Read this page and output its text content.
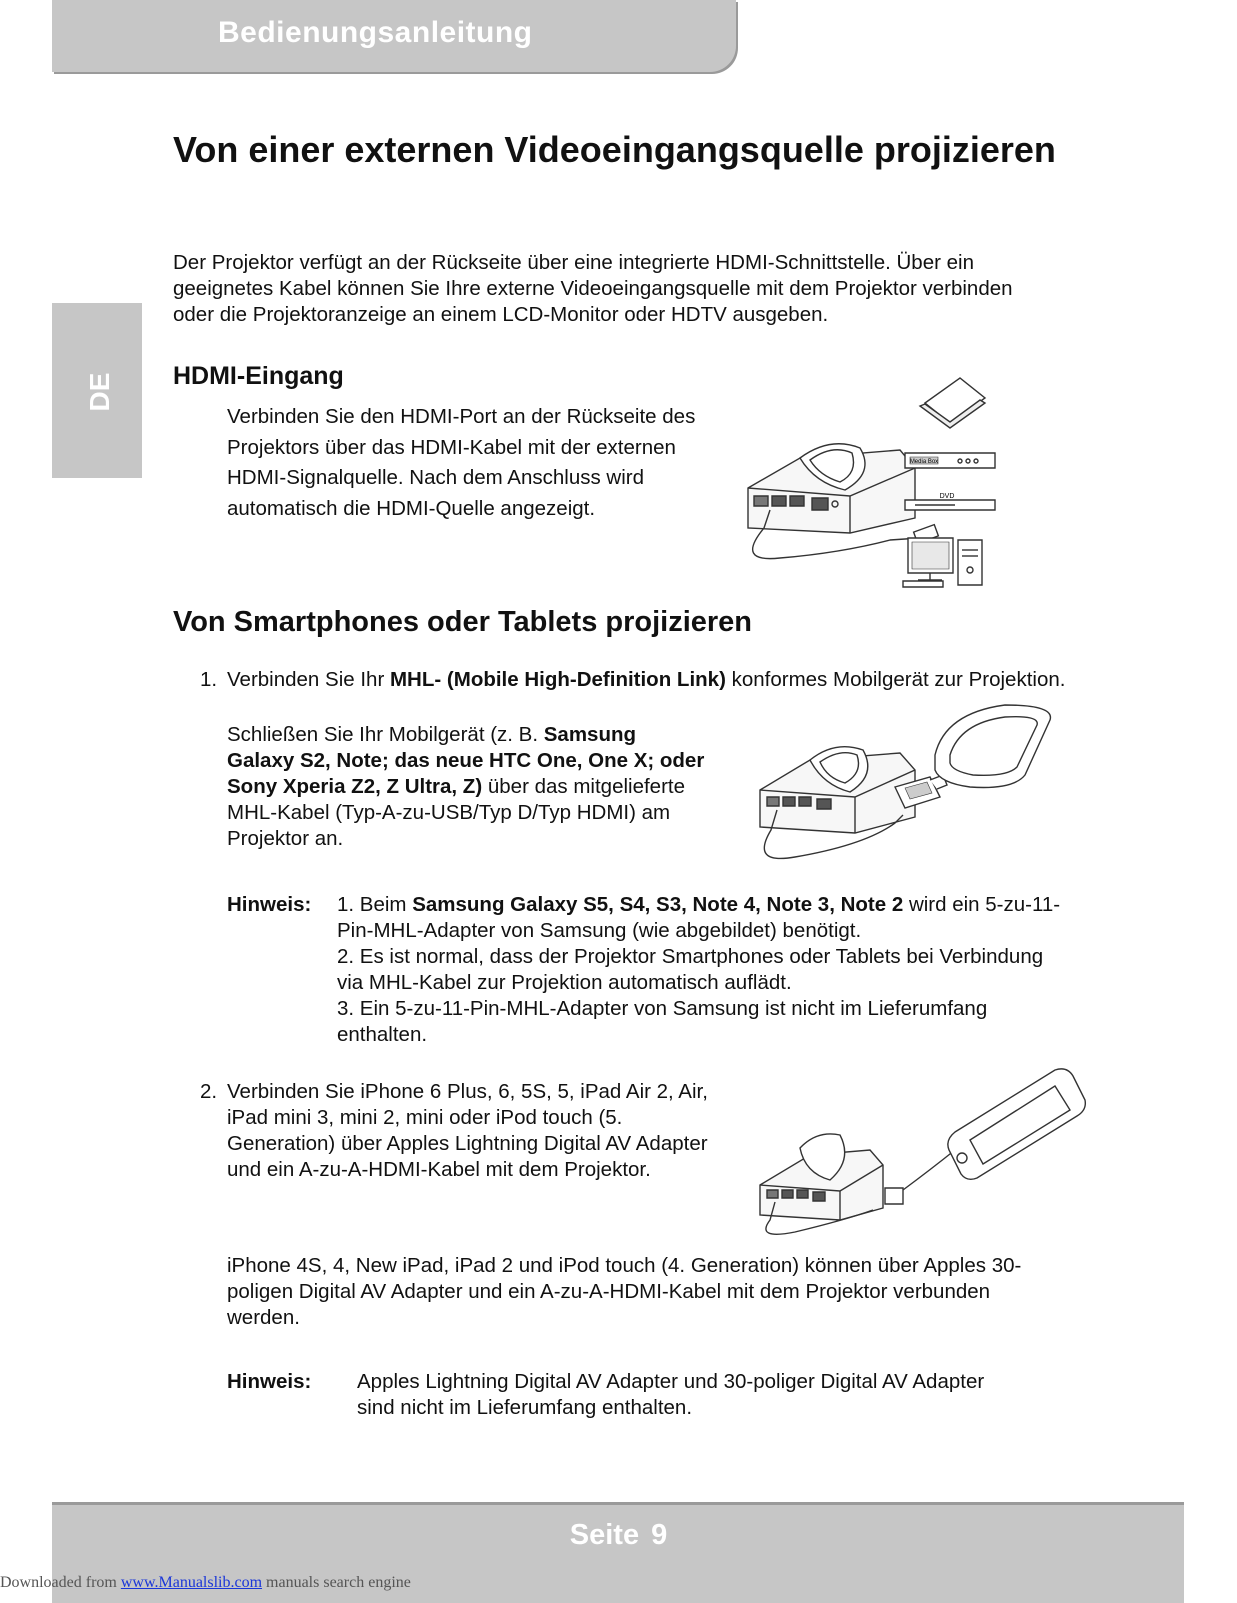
Bedienungsanleitung
DE
Von einer externen Videoeingangsquelle projizieren

Der Projektor verfügt an der Rückseite über eine integrierte HDMI-Schnittstelle. Über ein geeignetes Kabel können Sie Ihre externe Videoeingangsquelle mit dem Projektor verbinden oder die Projektoranzeige an einem LCD-Monitor oder HDTV ausgeben.

HDMI-Eingang

Verbinden Sie den HDMI-Port an der Rückseite des Projektors über das HDMI-Kabel mit der externen HDMI-Signalquelle. Nach dem Anschluss wird automatisch die HDMI-Quelle angezeigt.

Media Box
DVD
Von Smartphones oder Tablets projizieren
1. Verbinden Sie Ihr MHL- (Mobile High-Definition Link) konformes Mobilgerät zur Projektion.

Schließen Sie Ihr Mobilgerät (z. B. Samsung Galaxy S2, Note; das neue HTC One, One X; oder Sony Xperia Z2, Z Ultra, Z) über das mitgelieferte MHL-Kabel (Typ-A-zu-USB/Typ D/Typ HDMI) am Projektor an.

Hinweis: 1. Beim Samsung Galaxy S5, S4, S3, Note 4, Note 3, Note 2 wird ein 5-zu-11-Pin-MHL-Adapter von Samsung (wie abgebildet) benötigt.

2. Es ist normal, dass der Projektor Smartphones oder Tablets bei Verbindung via MHL-Kabel zur Projektion automatisch auflädt.

3. Ein 5-zu-11-Pin-MHL-Adapter von Samsung ist nicht im Lieferumfang enthalten.

2. Verbinden Sie iPhone 6 Plus, 6, 5S, 5, iPad Air 2, Air, iPad mini 3, mini 2, mini oder iPod touch (5. Generation) über Apples Lightning Digital AV Adapter und ein A-zu-A-HDMI-Kabel mit dem Projektor.

iPhone 4S, 4, New iPad, iPad 2 und iPod touch (4. Generation) können über Apples 30-poligen Digital AV Adapter und ein A-zu-A-HDMI-Kabel mit dem Projektor verbunden werden.

Hinweis: Apples Lightning Digital AV Adapter und 30-poliger Digital AV Adapter sind nicht im Lieferumfang enthalten.

Seite 9
Downloaded from www.Manualslib.com manuals search engine
